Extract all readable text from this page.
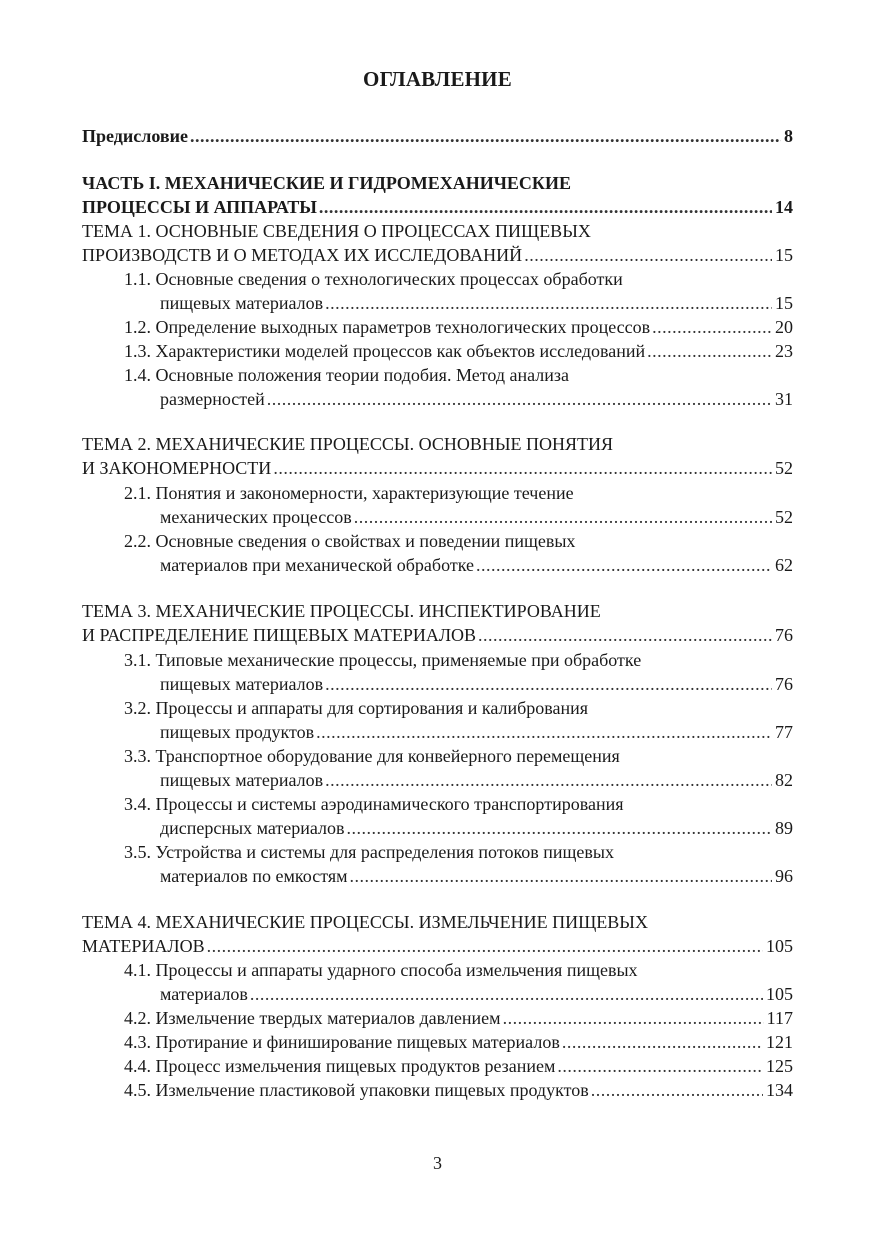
ОГЛАВЛЕНИЕ
Предисловие .....	8
ЧАСТЬ I. МЕХАНИЧЕСКИЕ И ГИДРОМЕХАНИЧЕСКИЕ
ПРОЦЕССЫ И АППАРАТЫ .....	14
ТЕМА 1. ОСНОВНЫЕ СВЕДЕНИЯ О ПРОЦЕССАХ ПИЩЕВЫХ
ПРОИЗВОДСТВ И О МЕТОДАХ ИХ ИССЛЕДОВАНИЙ .....	15
1.1. Основные сведения о технологических процессах обработки
пищевых материалов .....	15
1.2. Определение выходных параметров технологических процессов .....	20
1.3. Характеристики моделей процессов как объектов исследований .....	23
1.4. Основные положения теории подобия. Метод анализа
размерностей .....	31
ТЕМА 2. МЕХАНИЧЕСКИЕ ПРОЦЕССЫ. ОСНОВНЫЕ ПОНЯТИЯ
И ЗАКОНОМЕРНОСТИ .....	52
2.1. Понятия и закономерности, характеризующие течение
механических процессов .....	52
2.2. Основные сведения о свойствах и поведении пищевых
материалов при механической обработке .....	62
ТЕМА 3. МЕХАНИЧЕСКИЕ ПРОЦЕССЫ. ИНСПЕКТИРОВАНИЕ
И РАСПРЕДЕЛЕНИЕ ПИЩЕВЫХ МАТЕРИАЛОВ .....	76
3.1. Типовые механические процессы, применяемые при обработке
пищевых материалов .....	76
3.2. Процессы и аппараты для сортирования и калибрования
пищевых продуктов .....	77
3.3. Транспортное оборудование для конвейерного перемещения
пищевых материалов .....	82
3.4. Процессы и системы аэродинамического транспортирования
дисперсных материалов .....	89
3.5. Устройства и системы для распределения потоков пищевых
материалов по емкостям .....	96
ТЕМА 4. МЕХАНИЧЕСКИЕ ПРОЦЕССЫ. ИЗМЕЛЬЧЕНИЕ ПИЩЕВЫХ
МАТЕРИАЛОВ .....	105
4.1. Процессы и аппараты ударного способа измельчения пищевых
материалов .....	105
4.2. Измельчение твердых материалов давлением .....	117
4.3. Протирание и финиширование пищевых материалов .....	121
4.4. Процесс измельчения пищевых продуктов резанием .....	125
4.5. Измельчение пластиковой упаковки пищевых продуктов .....	134
3
